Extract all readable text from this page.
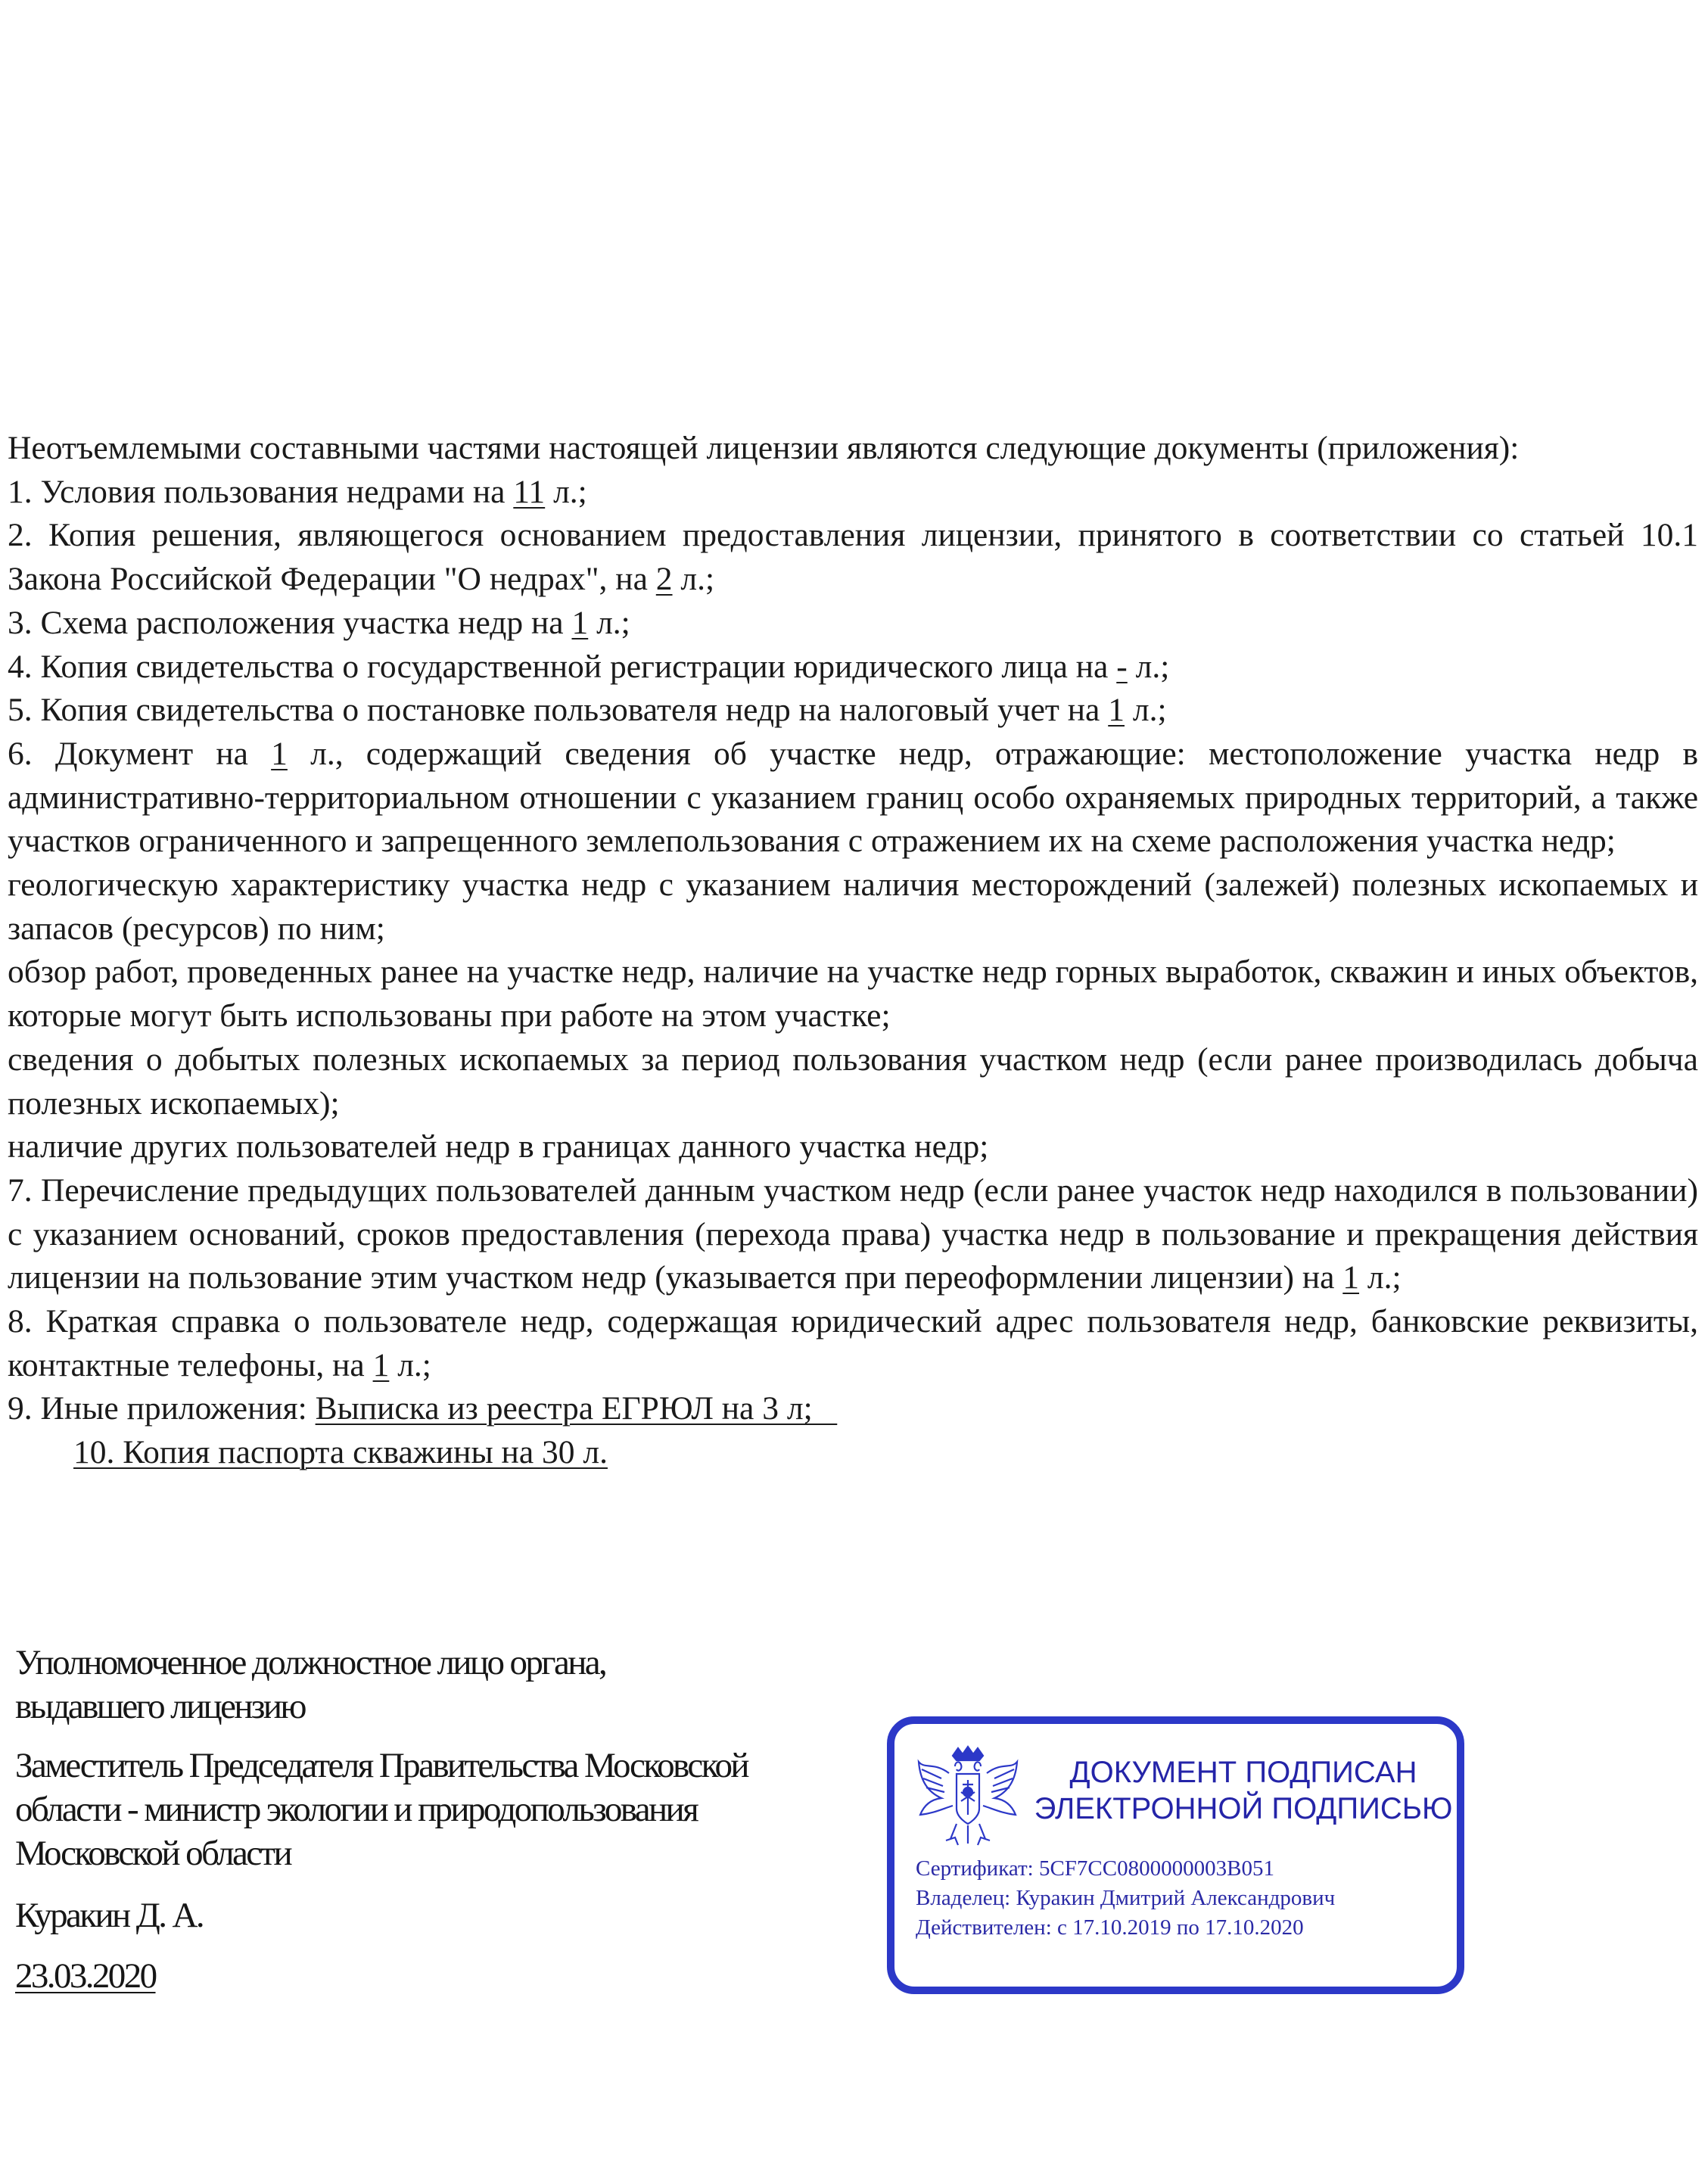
Неотъемлемыми составными частями настоящей лицензии являются следующие документы (приложения):

1. Условия пользования недрами на 11 л.;

2. Копия решения, являющегося основанием предоставления лицензии, принятого в соответствии со статьей 10.1 Закона Российской Федерации "О недрах", на 2 л.;

3. Схема расположения участка недр на 1 л.;

4. Копия свидетельства о государственной регистрации юридического лица на - л.;

5. Копия свидетельства о постановке пользователя недр на налоговый учет на 1 л.;

6. Документ на 1 л., содержащий сведения об участке недр, отражающие: местоположение участка недр в административно-территориальном отношении с указанием границ особо охраняемых природных территорий, а также участков ограниченного и запрещенного землепользования с отражением их на схеме расположения участка недр;

геологическую характеристику участка недр с указанием наличия месторождений (залежей) полезных ископаемых и запасов (ресурсов) по ним;

обзор работ, проведенных ранее на участке недр, наличие на участке недр горных выработок, скважин и иных объектов, которые могут быть использованы при работе на этом участке;

сведения о добытых полезных ископаемых за период пользования участком недр (если ранее производилась добыча полезных ископаемых);

наличие других пользователей недр в границах данного участка недр;

7. Перечисление предыдущих пользователей данным участком недр (если ранее участок недр находился в пользовании) с указанием оснований, сроков предоставления (перехода права) участка недр в пользование и прекращения действия лицензии на пользование этим участком недр (указывается при переоформлении лицензии) на 1 л.;

8. Краткая справка о пользователе недр, содержащая юридический адрес пользователя недр, банковские реквизиты, контактные телефоны, на 1 л.;

9. Иные приложения: Выписка из реестра ЕГРЮЛ на 3 л;

10. Копия паспорта скважины на 30 л.

Уполномоченное должностное лицо органа,

выдавшего лицензию

Заместитель Председателя Правительства Московской

области - министр экологии и природопользования

Московской области

Куракин Д. А.

23.03.2020

ДОКУМЕНТ ПОДПИСАН
ЭЛЕКТРОННОЙ ПОДПИСЬЮ
Сертификат: 5CF7CC0800000003B051
Владелец: Куракин Дмитрий Александрович
Действителен: с 17.10.2019 по 17.10.2020
